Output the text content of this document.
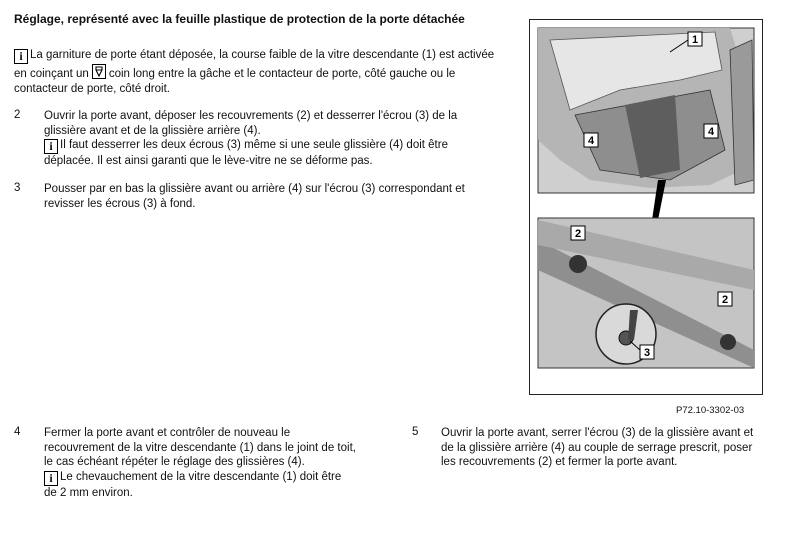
Réglage, représenté avec la feuille plastique de protection de la porte détachée
i La garniture de porte étant déposée, la course faible de la vitre descendante (1) est activée en coinçant un coin long entre la gâche et le contacteur de porte, côté gauche ou le contacteur de porte, côté droit.
2 Ouvrir la porte avant, déposer les recouvrements (2) et desserrer l'écrou (3) de la glissière avant et de la glissière arrière (4).
i Il faut desserrer les deux écrous (3) même si une seule glissière (4) doit être déplacée. Il est ainsi garanti que le lève-vitre ne se déforme pas.
3 Pousser par en bas la glissière avant ou arrière (4) sur l'écrou (3) correspondant et revisser les écrous (3) à fond.
4 Fermer la porte avant et contrôler de nouveau le recouvrement de la vitre descendante (1) dans le joint de toit, le cas échéant répéter le réglage des glissières (4).
i Le chevauchement de la vitre descendante (1) doit être de 2 mm environ.
5 Ouvrir la porte avant, serrer l'écrou (3) de la glissière avant et de la glissière arrière (4) au couple de serrage prescrit, poser les recouvrements (2) et fermer la porte avant.
1
4
4
2
2
3
P72.10-3302-03
